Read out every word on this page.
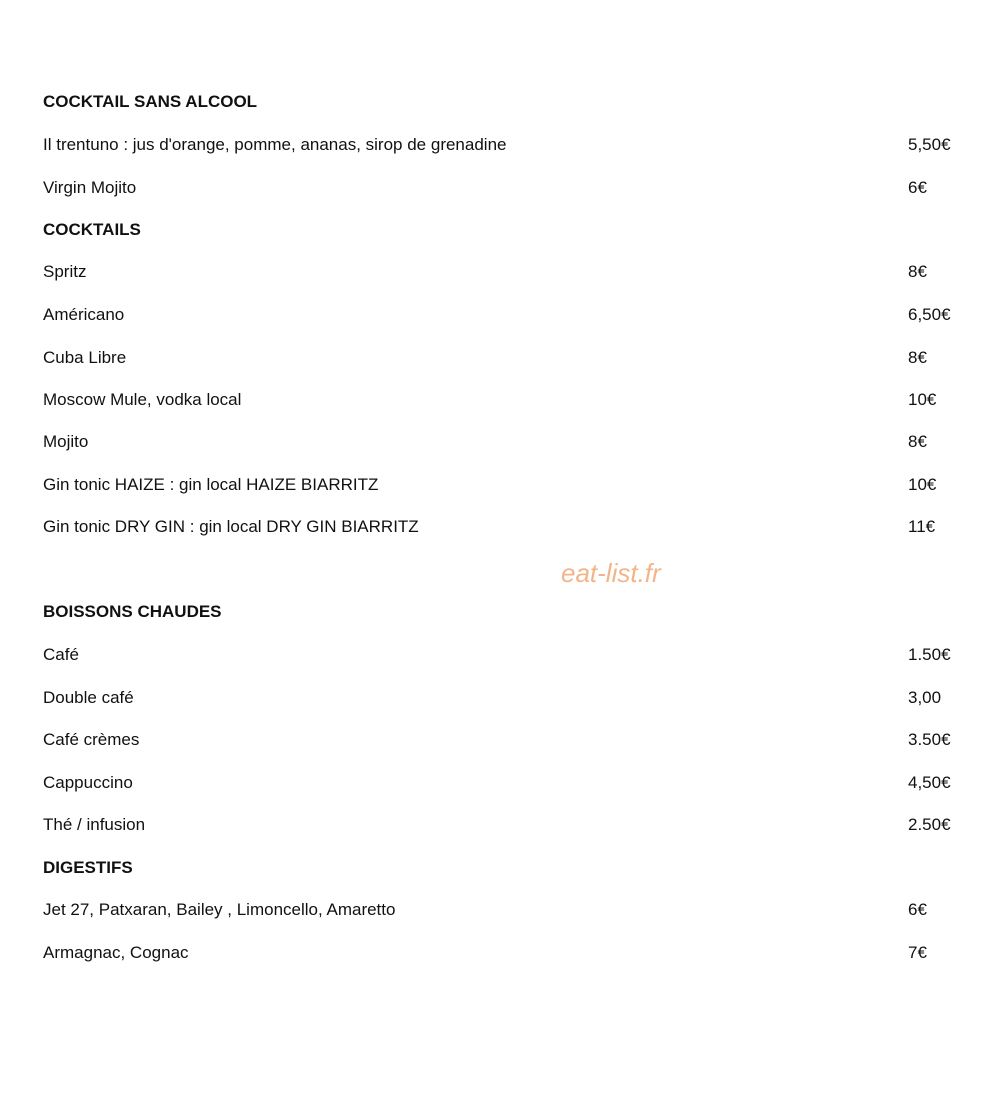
COCKTAIL SANS ALCOOL
Il trentuno : jus d'orange, pomme, ananas, sirop de grenadine	5,50€
Virgin Mojito	6€
COCKTAILS
Spritz	8€
Américano	6,50€
Cuba Libre	8€
Moscow Mule, vodka local	10€
Mojito	8€
Gin tonic HAIZE : gin local HAIZE BIARRITZ	10€
Gin tonic DRY GIN : gin local DRY GIN BIARRITZ	11€
eat-list.fr
BOISSONS CHAUDES
Café	1.50€
Double café	3,00
Café crèmes	3.50€
Cappuccino	4,50€
Thé / infusion	2.50€
DIGESTIFS
Jet 27, Patxaran, Bailey , Limoncello, Amaretto	6€
Armagnac, Cognac	7€
